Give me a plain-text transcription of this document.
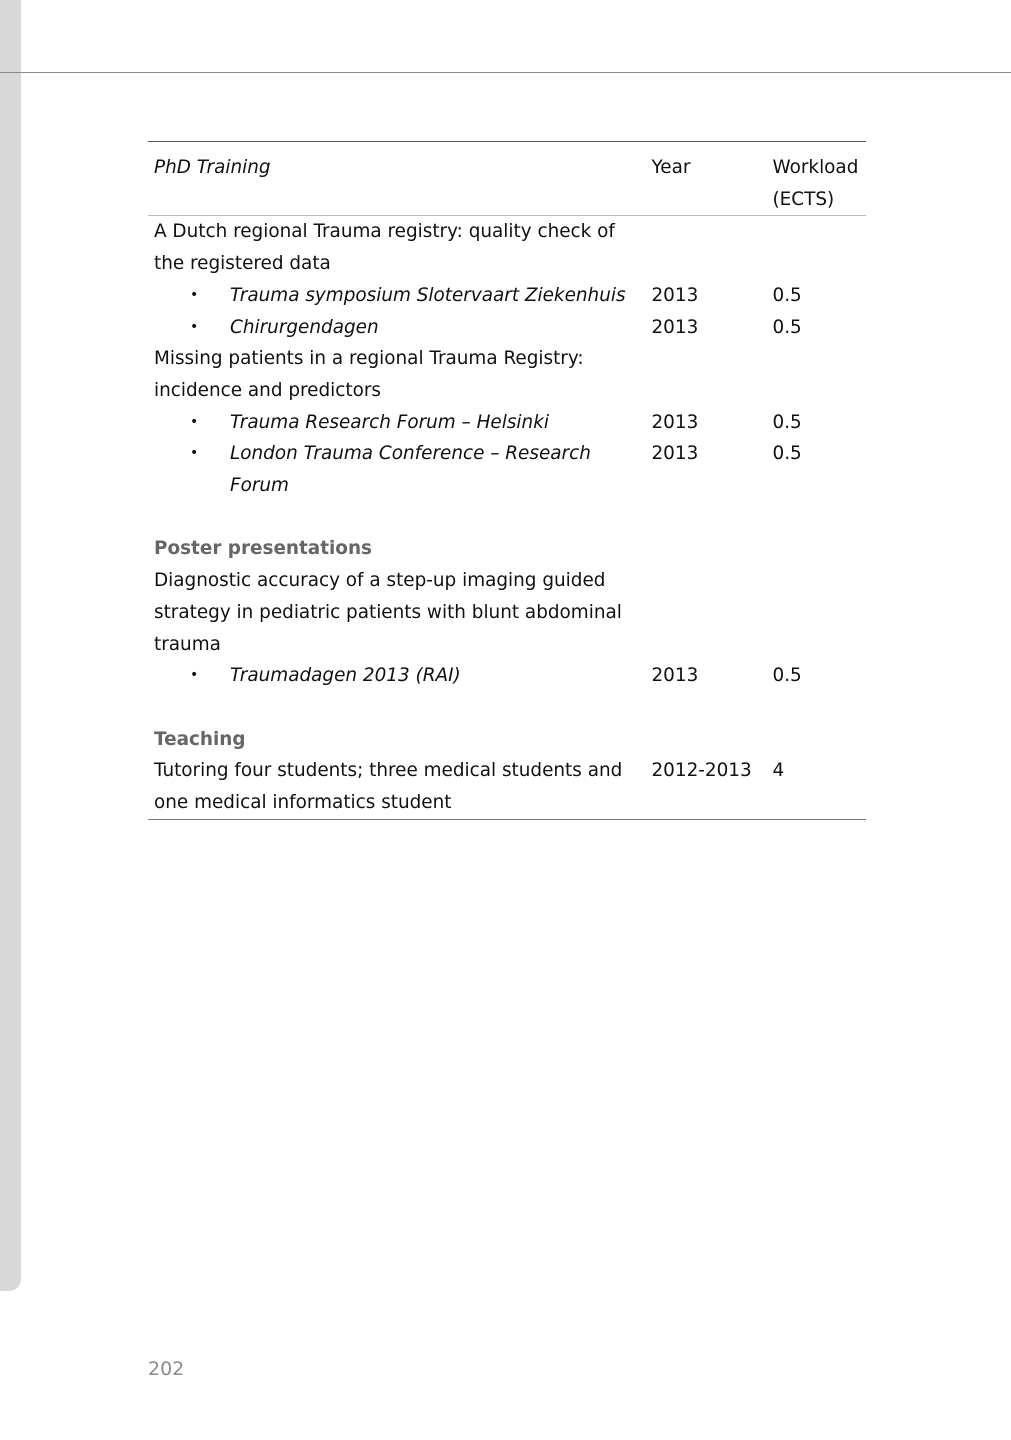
PhD Training	Year	Workload (ECTS)
A Dutch regional Trauma registry: quality check of the registered data		

• Trauma symposium Slotervaart Ziekenhuis	2013	0.5

• Chirurgendagen	2013	0.5
Missing patients in a regional Trauma Registry: incidence and predictors		

• Trauma Research Forum – Helsinki	2013	0.5

• London Trauma Conference – Research Forum	2013	0.5

Poster presentations		
Diagnostic accuracy of a step-up imaging guided strategy in pediatric patients with blunt abdominal trauma		

• Traumadagen 2013 (RAI)	2013	0.5

Teaching		
Tutoring four students; three medical students and one medical informatics student	2012-2013	4
202
